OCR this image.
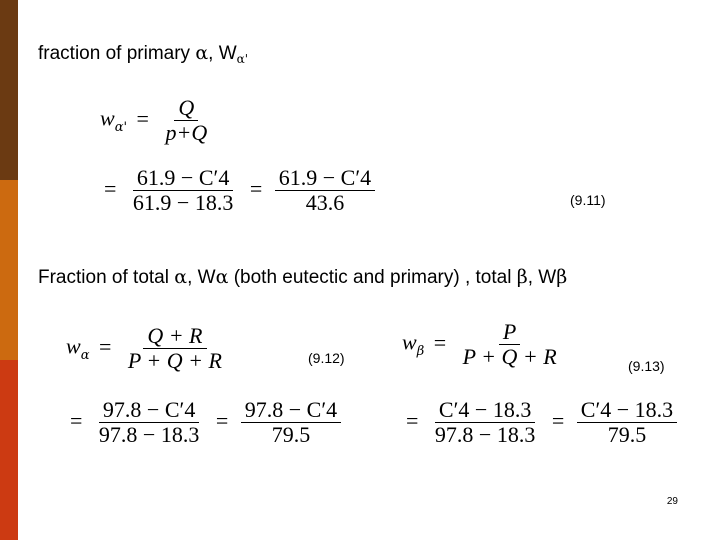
fraction of primary α, $W_{\alpha'}$
$w_{\alpha'} = \frac{Q}{p+Q}$
= $\frac{61.9 - C'4}{61.9 - 18.3} = \frac{61.9 - C'4}{43.6}$	(9.11)
Fraction of total α, Wα (both eutectic and primary) , total β, Wβ
$w_\alpha = \frac{Q + R}{P + Q + R}$	(9.12)
= $\frac{97.8 - C'4}{97.8 - 18.3} = \frac{97.8 - C'4}{79.5}$
$w_\beta = \frac{P}{P + Q + R}$	(9.13)
= $\frac{C'4 - 18.3}{97.8 - 18.3} = \frac{C'4 - 18.3}{79.5}$
29
